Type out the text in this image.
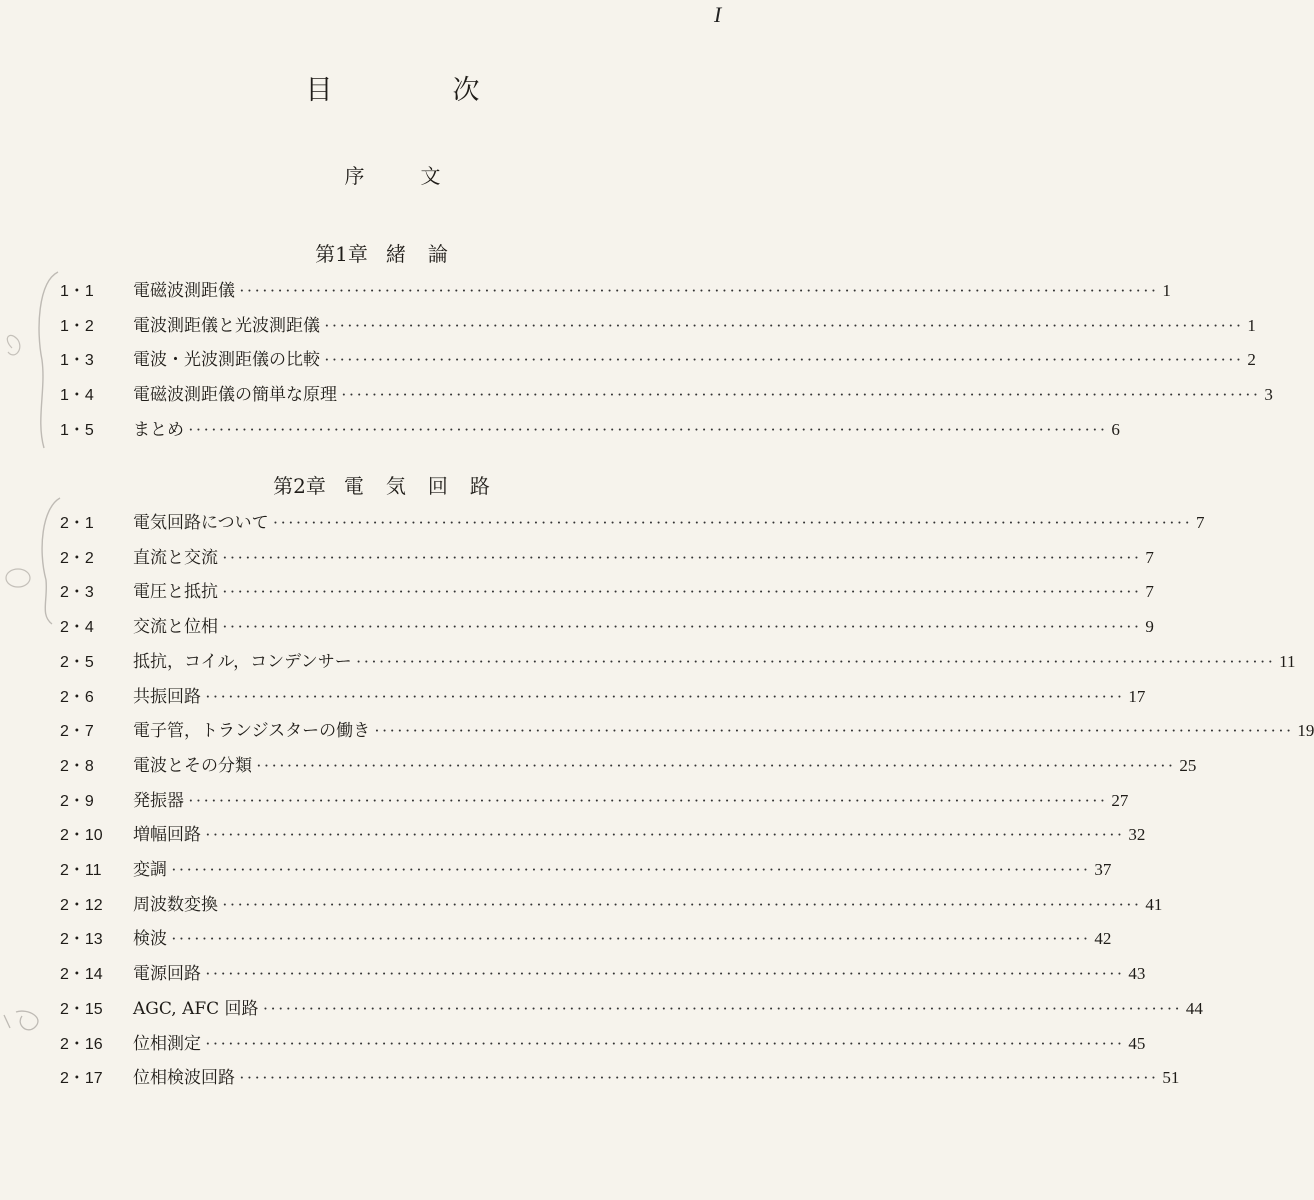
I
目	次
序	文
第1章 緒論
1・1	電磁波測距儀 ························································································································ 1
1・2	電波測距儀と光波測距儀 ························································································································ 1
1・3	電波・光波測距儀の比較 ························································································································ 2
1・4	電磁波測距儀の簡単な原理 ························································································································ 3
1・5	まとめ ························································································································ 6
第2章 電気回路
2・1	電気回路について ························································································································ 7
2・2	直流と交流 ························································································································ 7
2・3	電圧と抵抗 ························································································································ 7
2・4	交流と位相 ························································································································ 9
2・5	抵抗，コイル，コンデンサー ························································································································ 11
2・6	共振回路 ························································································································ 17
2・7	電子管，トランジスターの働き ························································································································ 19
2・8	電波とその分類 ························································································································ 25
2・9	発振器 ························································································································ 27
2・10	増幅回路 ························································································································ 32
2・11	変調 ························································································································ 37
2・12	周波数変換 ························································································································ 41
2・13	検波 ························································································································ 42
2・14	電源回路 ························································································································ 43
2・15	AGC, AFC 回路 ························································································································ 44
2・16	位相測定 ························································································································ 45
2・17	位相検波回路 ························································································································ 51
